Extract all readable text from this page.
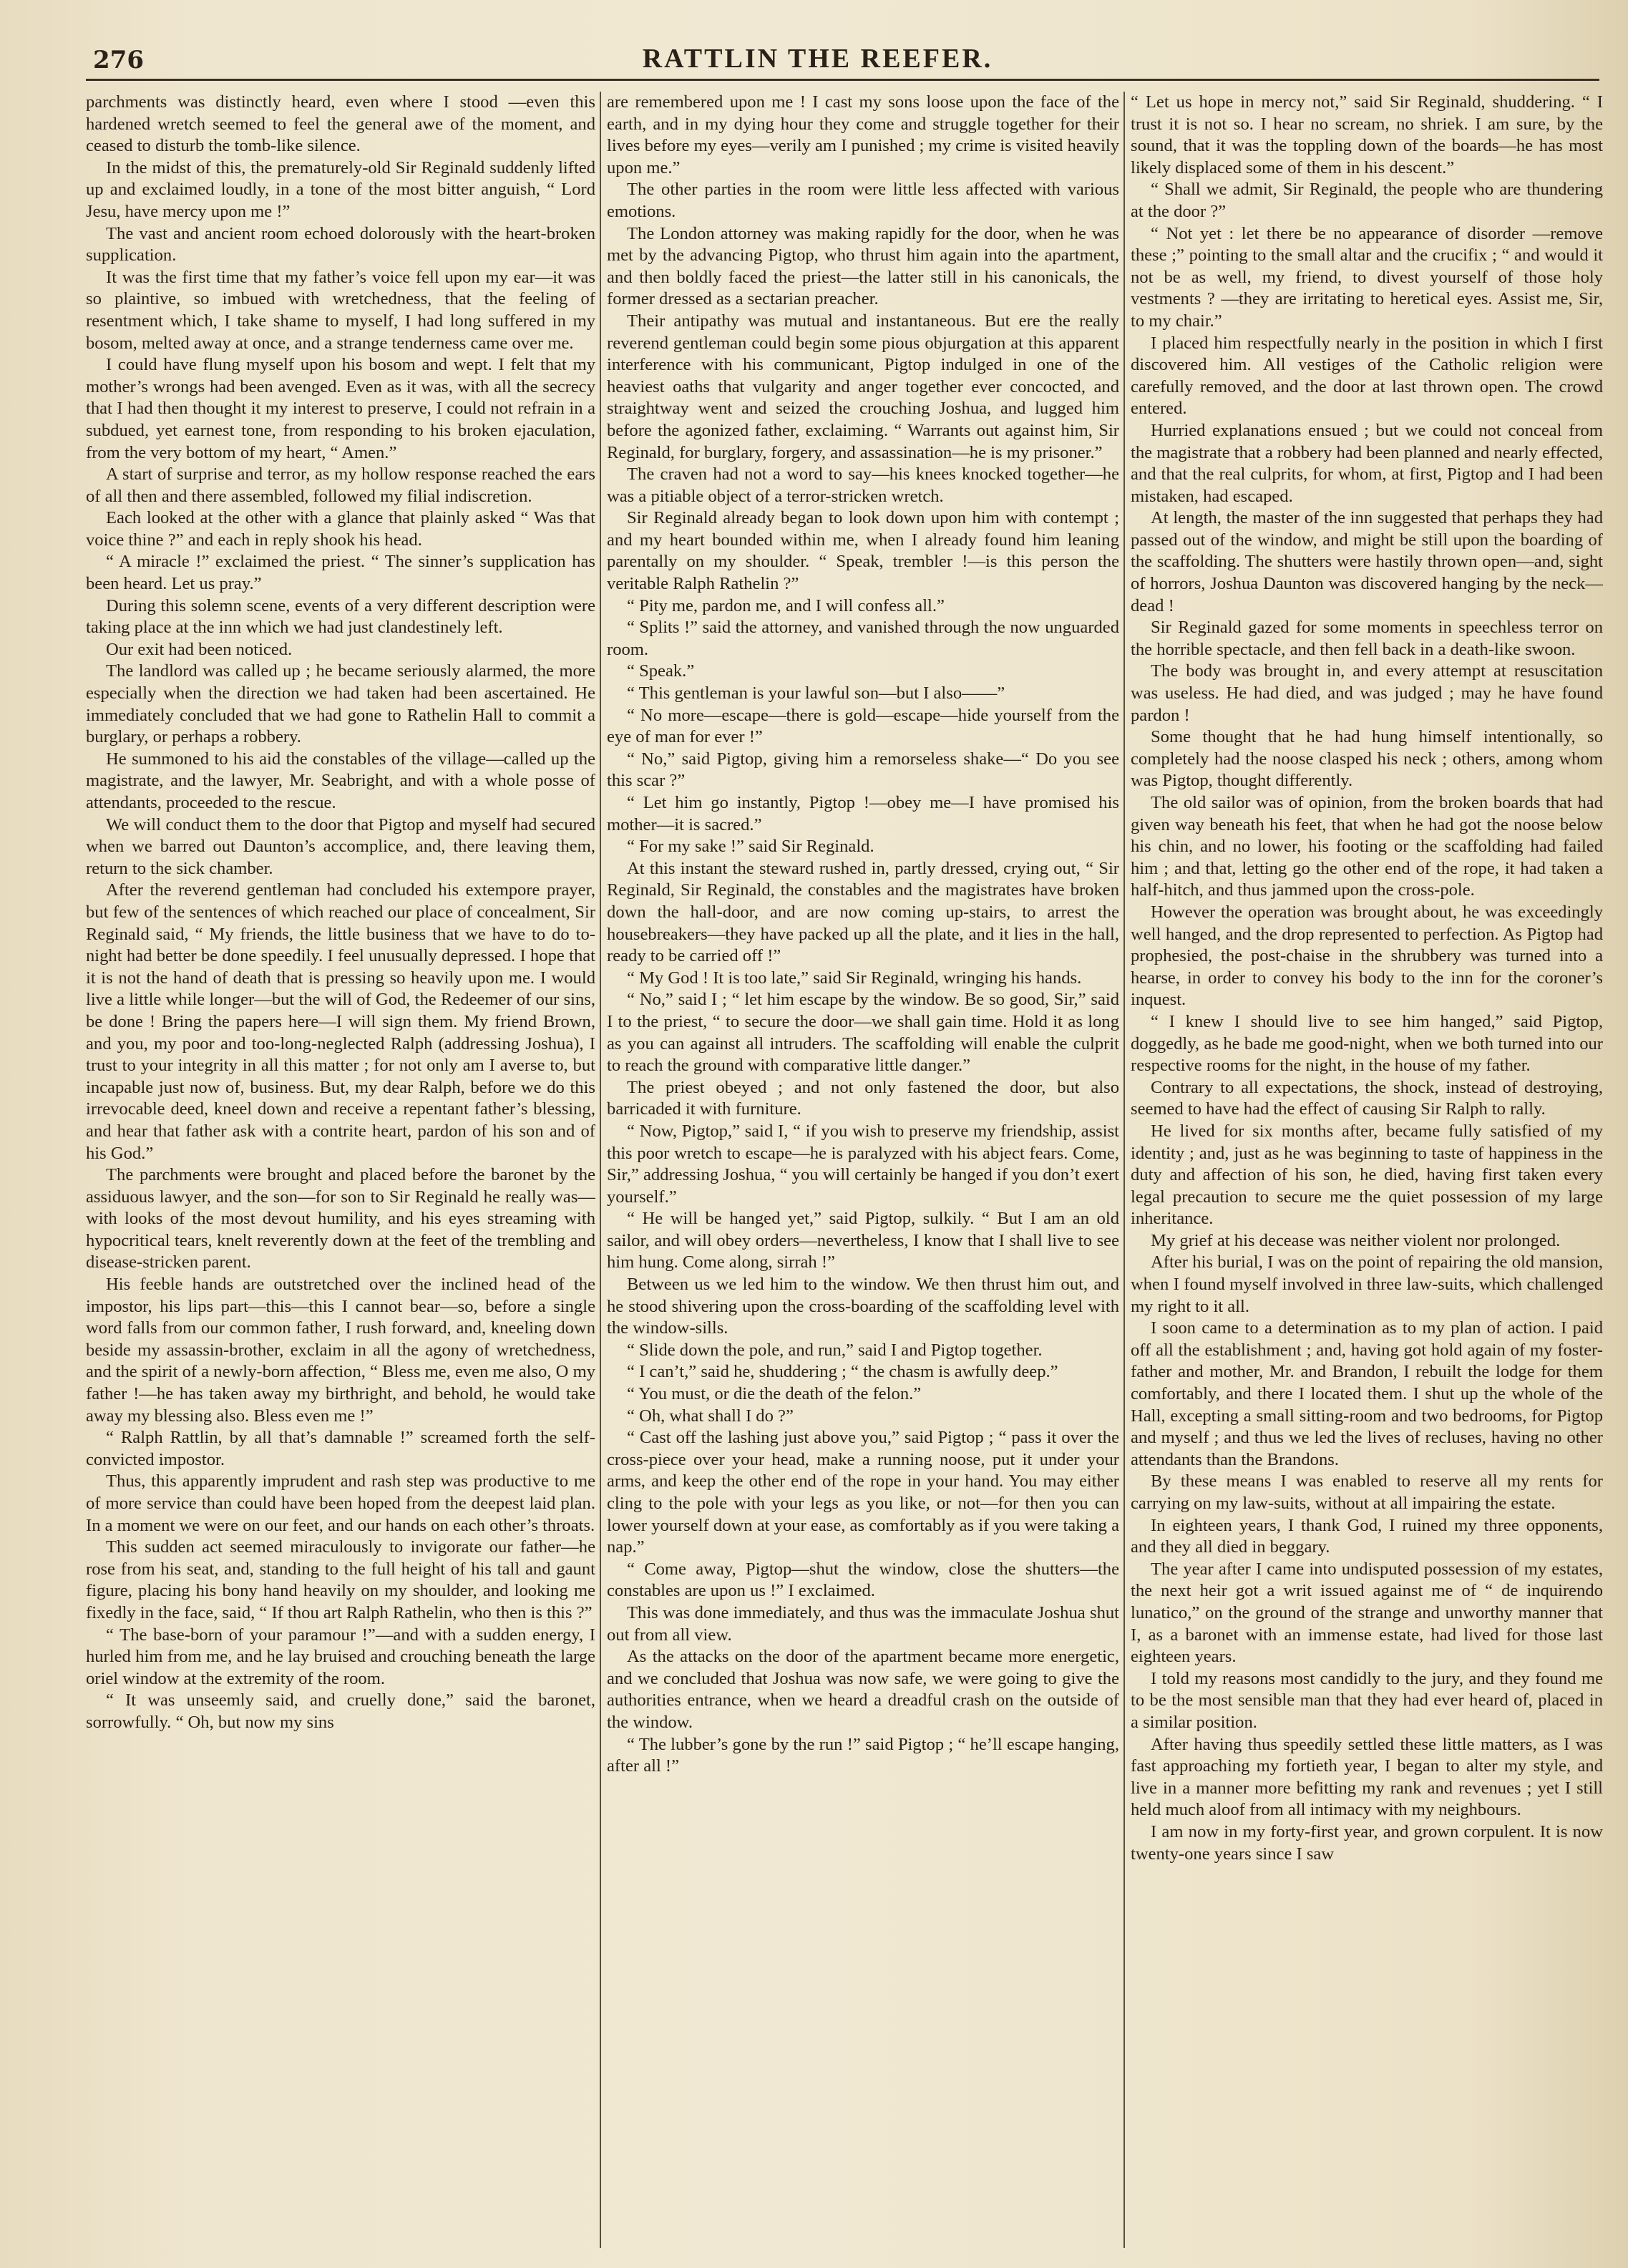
276	RATTLIN THE REEFER.

parchments was distinctly heard, even where I stood —even this hardened wretch seemed to feel the general awe of the moment, and ceased to disturb the tomb-like silence.

In the midst of this, the prematurely-old Sir Reginald suddenly lifted up and exclaimed loudly, in a tone of the most bitter anguish, “ Lord Jesu, have mercy upon me !”

The vast and ancient room echoed dolorously with the heart-broken supplication.

It was the first time that my father’s voice fell upon my ear—it was so plaintive, so imbued with wretchedness, that the feeling of resentment which, I take shame to myself, I had long suffered in my bosom, melted away at once, and a strange tenderness came over me.

I could have flung myself upon his bosom and wept. I felt that my mother’s wrongs had been avenged. Even as it was, with all the secrecy that I had then thought it my interest to preserve, I could not refrain in a subdued, yet earnest tone, from responding to his broken ejaculation, from the very bottom of my heart, “ Amen.”

A start of surprise and terror, as my hollow response reached the ears of all then and there assembled, followed my filial indiscretion.

Each looked at the other with a glance that plainly asked “ Was that voice thine ?” and each in reply shook his head.

“ A miracle !” exclaimed the priest. “ The sinner’s supplication has been heard. Let us pray.”

During this solemn scene, events of a very different description were taking place at the inn which we had just clandestinely left.

Our exit had been noticed.

The landlord was called up ; he became seriously alarmed, the more especially when the direction we had taken had been ascertained. He immediately concluded that we had gone to Rathelin Hall to commit a burglary, or perhaps a robbery.

He summoned to his aid the constables of the village—called up the magistrate, and the lawyer, Mr. Seabright, and with a whole posse of attendants, proceeded to the rescue.

We will conduct them to the door that Pigtop and myself had secured when we barred out Daunton’s accomplice, and, there leaving them, return to the sick chamber.

After the reverend gentleman had concluded his extempore prayer, but few of the sentences of which reached our place of concealment, Sir Reginald said, “ My friends, the little business that we have to do to-night had better be done speedily. I feel unusually depressed. I hope that it is not the hand of death that is pressing so heavily upon me. I would live a little while longer—but the will of God, the Redeemer of our sins, be done ! Bring the papers here—I will sign them. My friend Brown, and you, my poor and too-long-neglected Ralph (addressing Joshua), I trust to your integrity in all this matter ; for not only am I averse to, but incapable just now of, business. But, my dear Ralph, before we do this irrevocable deed, kneel down and receive a repentant father’s blessing, and hear that father ask with a contrite heart, pardon of his son and of his God.”

The parchments were brought and placed before the baronet by the assiduous lawyer, and the son—for son to Sir Reginald he really was—with looks of the most devout humility, and his eyes streaming with hypocritical tears, knelt reverently down at the feet of the trembling and disease-stricken parent.

His feeble hands are outstretched over the inclined head of the impostor, his lips part—this—this I cannot bear—so, before a single word falls from our common father, I rush forward, and, kneeling down beside my assassin-brother, exclaim in all the agony of wretchedness, and the spirit of a newly-born affection, “ Bless me, even me also, O my father !—he has taken away my birthright, and behold, he would take away my blessing also. Bless even me !”

“ Ralph Rattlin, by all that’s damnable !” screamed forth the self-convicted impostor.

Thus, this apparently imprudent and rash step was productive to me of more service than could have been hoped from the deepest laid plan. In a moment we were on our feet, and our hands on each other’s throats.

This sudden act seemed miraculously to invigorate our father—he rose from his seat, and, standing to the full height of his tall and gaunt figure, placing his bony hand heavily on my shoulder, and looking me fixedly in the face, said, “ If thou art Ralph Rathelin, who then is this ?”

“ The base-born of your paramour !”—and with a sudden energy, I hurled him from me, and he lay bruised and crouching beneath the large oriel window at the extremity of the room.

“ It was unseemly said, and cruelly done,” said the baronet, sorrowfully. “ Oh, but now my sins

are remembered upon me ! I cast my sons loose upon the face of the earth, and in my dying hour they come and struggle together for their lives before my eyes—verily am I punished ; my crime is visited heavily upon me.”

The other parties in the room were little less affected with various emotions.

The London attorney was making rapidly for the door, when he was met by the advancing Pigtop, who thrust him again into the apartment, and then boldly faced the priest—the latter still in his canonicals, the former dressed as a sectarian preacher.

Their antipathy was mutual and instantaneous. But ere the really reverend gentleman could begin some pious objurgation at this apparent interference with his communicant, Pigtop indulged in one of the heaviest oaths that vulgarity and anger together ever concocted, and straightway went and seized the crouching Joshua, and lugged him before the agonized father, exclaiming. “ Warrants out against him, Sir Reginald, for burglary, forgery, and assassination—he is my prisoner.”

The craven had not a word to say—his knees knocked together—he was a pitiable object of a terror-stricken wretch.

Sir Reginald already began to look down upon him with contempt ; and my heart bounded within me, when I already found him leaning parentally on my shoulder. “ Speak, trembler !—is this person the veritable Ralph Rathelin ?”

“ Pity me, pardon me, and I will confess all.”

“ Splits !” said the attorney, and vanished through the now unguarded room.

“ Speak.”

“ This gentleman is your lawful son—but I also——”

“ No more—escape—there is gold—escape—hide yourself from the eye of man for ever !”

“ No,” said Pigtop, giving him a remorseless shake—“ Do you see this scar ?”

“ Let him go instantly, Pigtop !—obey me—I have promised his mother—it is sacred.”

“ For my sake !” said Sir Reginald.

At this instant the steward rushed in, partly dressed, crying out, “ Sir Reginald, Sir Reginald, the constables and the magistrates have broken down the hall-door, and are now coming up-stairs, to arrest the housebreakers—they have packed up all the plate, and it lies in the hall, ready to be carried off !”

“ My God ! It is too late,” said Sir Reginald, wringing his hands.

“ No,” said I ; “ let him escape by the window. Be so good, Sir,” said I to the priest, “ to secure the door—we shall gain time. Hold it as long as you can against all intruders. The scaffolding will enable the culprit to reach the ground with comparative little danger.”

The priest obeyed ; and not only fastened the door, but also barricaded it with furniture.

“ Now, Pigtop,” said I, “ if you wish to preserve my friendship, assist this poor wretch to escape—he is paralyzed with his abject fears. Come, Sir,” addressing Joshua, “ you will certainly be hanged if you don’t exert yourself.”

“ He will be hanged yet,” said Pigtop, sulkily. “ But I am an old sailor, and will obey orders—nevertheless, I know that I shall live to see him hung. Come along, sirrah !”

Between us we led him to the window. We then thrust him out, and he stood shivering upon the cross-boarding of the scaffolding level with the window-sills.

“ Slide down the pole, and run,” said I and Pigtop together.

“ I can’t,” said he, shuddering ; “ the chasm is awfully deep.”

“ You must, or die the death of the felon.”

“ Oh, what shall I do ?”

“ Cast off the lashing just above you,” said Pigtop ; “ pass it over the cross-piece over your head, make a running noose, put it under your arms, and keep the other end of the rope in your hand. You may either cling to the pole with your legs as you like, or not—for then you can lower yourself down at your ease, as comfortably as if you were taking a nap.”

“ Come away, Pigtop—shut the window, close the shutters—the constables are upon us !” I exclaimed.

This was done immediately, and thus was the immaculate Joshua shut out from all view.

As the attacks on the door of the apartment became more energetic, and we concluded that Joshua was now safe, we were going to give the authorities entrance, when we heard a dreadful crash on the outside of the window.

“ The lubber’s gone by the run !” said Pigtop ; “ he’ll escape hanging, after all !”

“ Let us hope in mercy not,” said Sir Reginald, shuddering. “ I trust it is not so. I hear no scream, no shriek. I am sure, by the sound, that it was the toppling down of the boards—he has most likely displaced some of them in his descent.”

“ Shall we admit, Sir Reginald, the people who are thundering at the door ?”

“ Not yet : let there be no appearance of disorder —remove these ;” pointing to the small altar and the crucifix ; “ and would it not be as well, my friend, to divest yourself of those holy vestments ? —they are irritating to heretical eyes. Assist me, Sir, to my chair.”

I placed him respectfully nearly in the position in which I first discovered him. All vestiges of the Catholic religion were carefully removed, and the door at last thrown open. The crowd entered.

Hurried explanations ensued ; but we could not conceal from the magistrate that a robbery had been planned and nearly effected, and that the real culprits, for whom, at first, Pigtop and I had been mistaken, had escaped.

At length, the master of the inn suggested that perhaps they had passed out of the window, and might be still upon the boarding of the scaffolding. The shutters were hastily thrown open—and, sight of horrors, Joshua Daunton was discovered hanging by the neck—dead !

Sir Reginald gazed for some moments in speechless terror on the horrible spectacle, and then fell back in a death-like swoon.

The body was brought in, and every attempt at resuscitation was useless. He had died, and was judged ; may he have found pardon !

Some thought that he had hung himself intentionally, so completely had the noose clasped his neck ; others, among whom was Pigtop, thought differently.

The old sailor was of opinion, from the broken boards that had given way beneath his feet, that when he had got the noose below his chin, and no lower, his footing or the scaffolding had failed him ; and that, letting go the other end of the rope, it had taken a half-hitch, and thus jammed upon the cross-pole.

However the operation was brought about, he was exceedingly well hanged, and the drop represented to perfection. As Pigtop had prophesied, the post-chaise in the shrubbery was turned into a hearse, in order to convey his body to the inn for the coroner’s inquest.

“ I knew I should live to see him hanged,” said Pigtop, doggedly, as he bade me good-night, when we both turned into our respective rooms for the night, in the house of my father.

Contrary to all expectations, the shock, instead of destroying, seemed to have had the effect of causing Sir Ralph to rally.

He lived for six months after, became fully satisfied of my identity ; and, just as he was beginning to taste of happiness in the duty and affection of his son, he died, having first taken every legal precaution to secure me the quiet possession of my large inheritance.

My grief at his decease was neither violent nor prolonged.

After his burial, I was on the point of repairing the old mansion, when I found myself involved in three law-suits, which challenged my right to it all.

I soon came to a determination as to my plan of action. I paid off all the establishment ; and, having got hold again of my foster-father and mother, Mr. and Brandon, I rebuilt the lodge for them comfortably, and there I located them. I shut up the whole of the Hall, excepting a small sitting-room and two bedrooms, for Pigtop and myself ; and thus we led the lives of recluses, having no other attendants than the Brandons.

By these means I was enabled to reserve all my rents for carrying on my law-suits, without at all impairing the estate.

In eighteen years, I thank God, I ruined my three opponents, and they all died in beggary.

The year after I came into undisputed possession of my estates, the next heir got a writ issued against me of “ de inquirendo lunatico,” on the ground of the strange and unworthy manner that I, as a baronet with an immense estate, had lived for those last eighteen years.

I told my reasons most candidly to the jury, and they found me to be the most sensible man that they had ever heard of, placed in a similar position.

After having thus speedily settled these little matters, as I was fast approaching my fortieth year, I began to alter my style, and live in a manner more befitting my rank and revenues ; yet I still held much aloof from all intimacy with my neighbours.

I am now in my forty-first year, and grown corpulent. It is now twenty-one years since I saw
